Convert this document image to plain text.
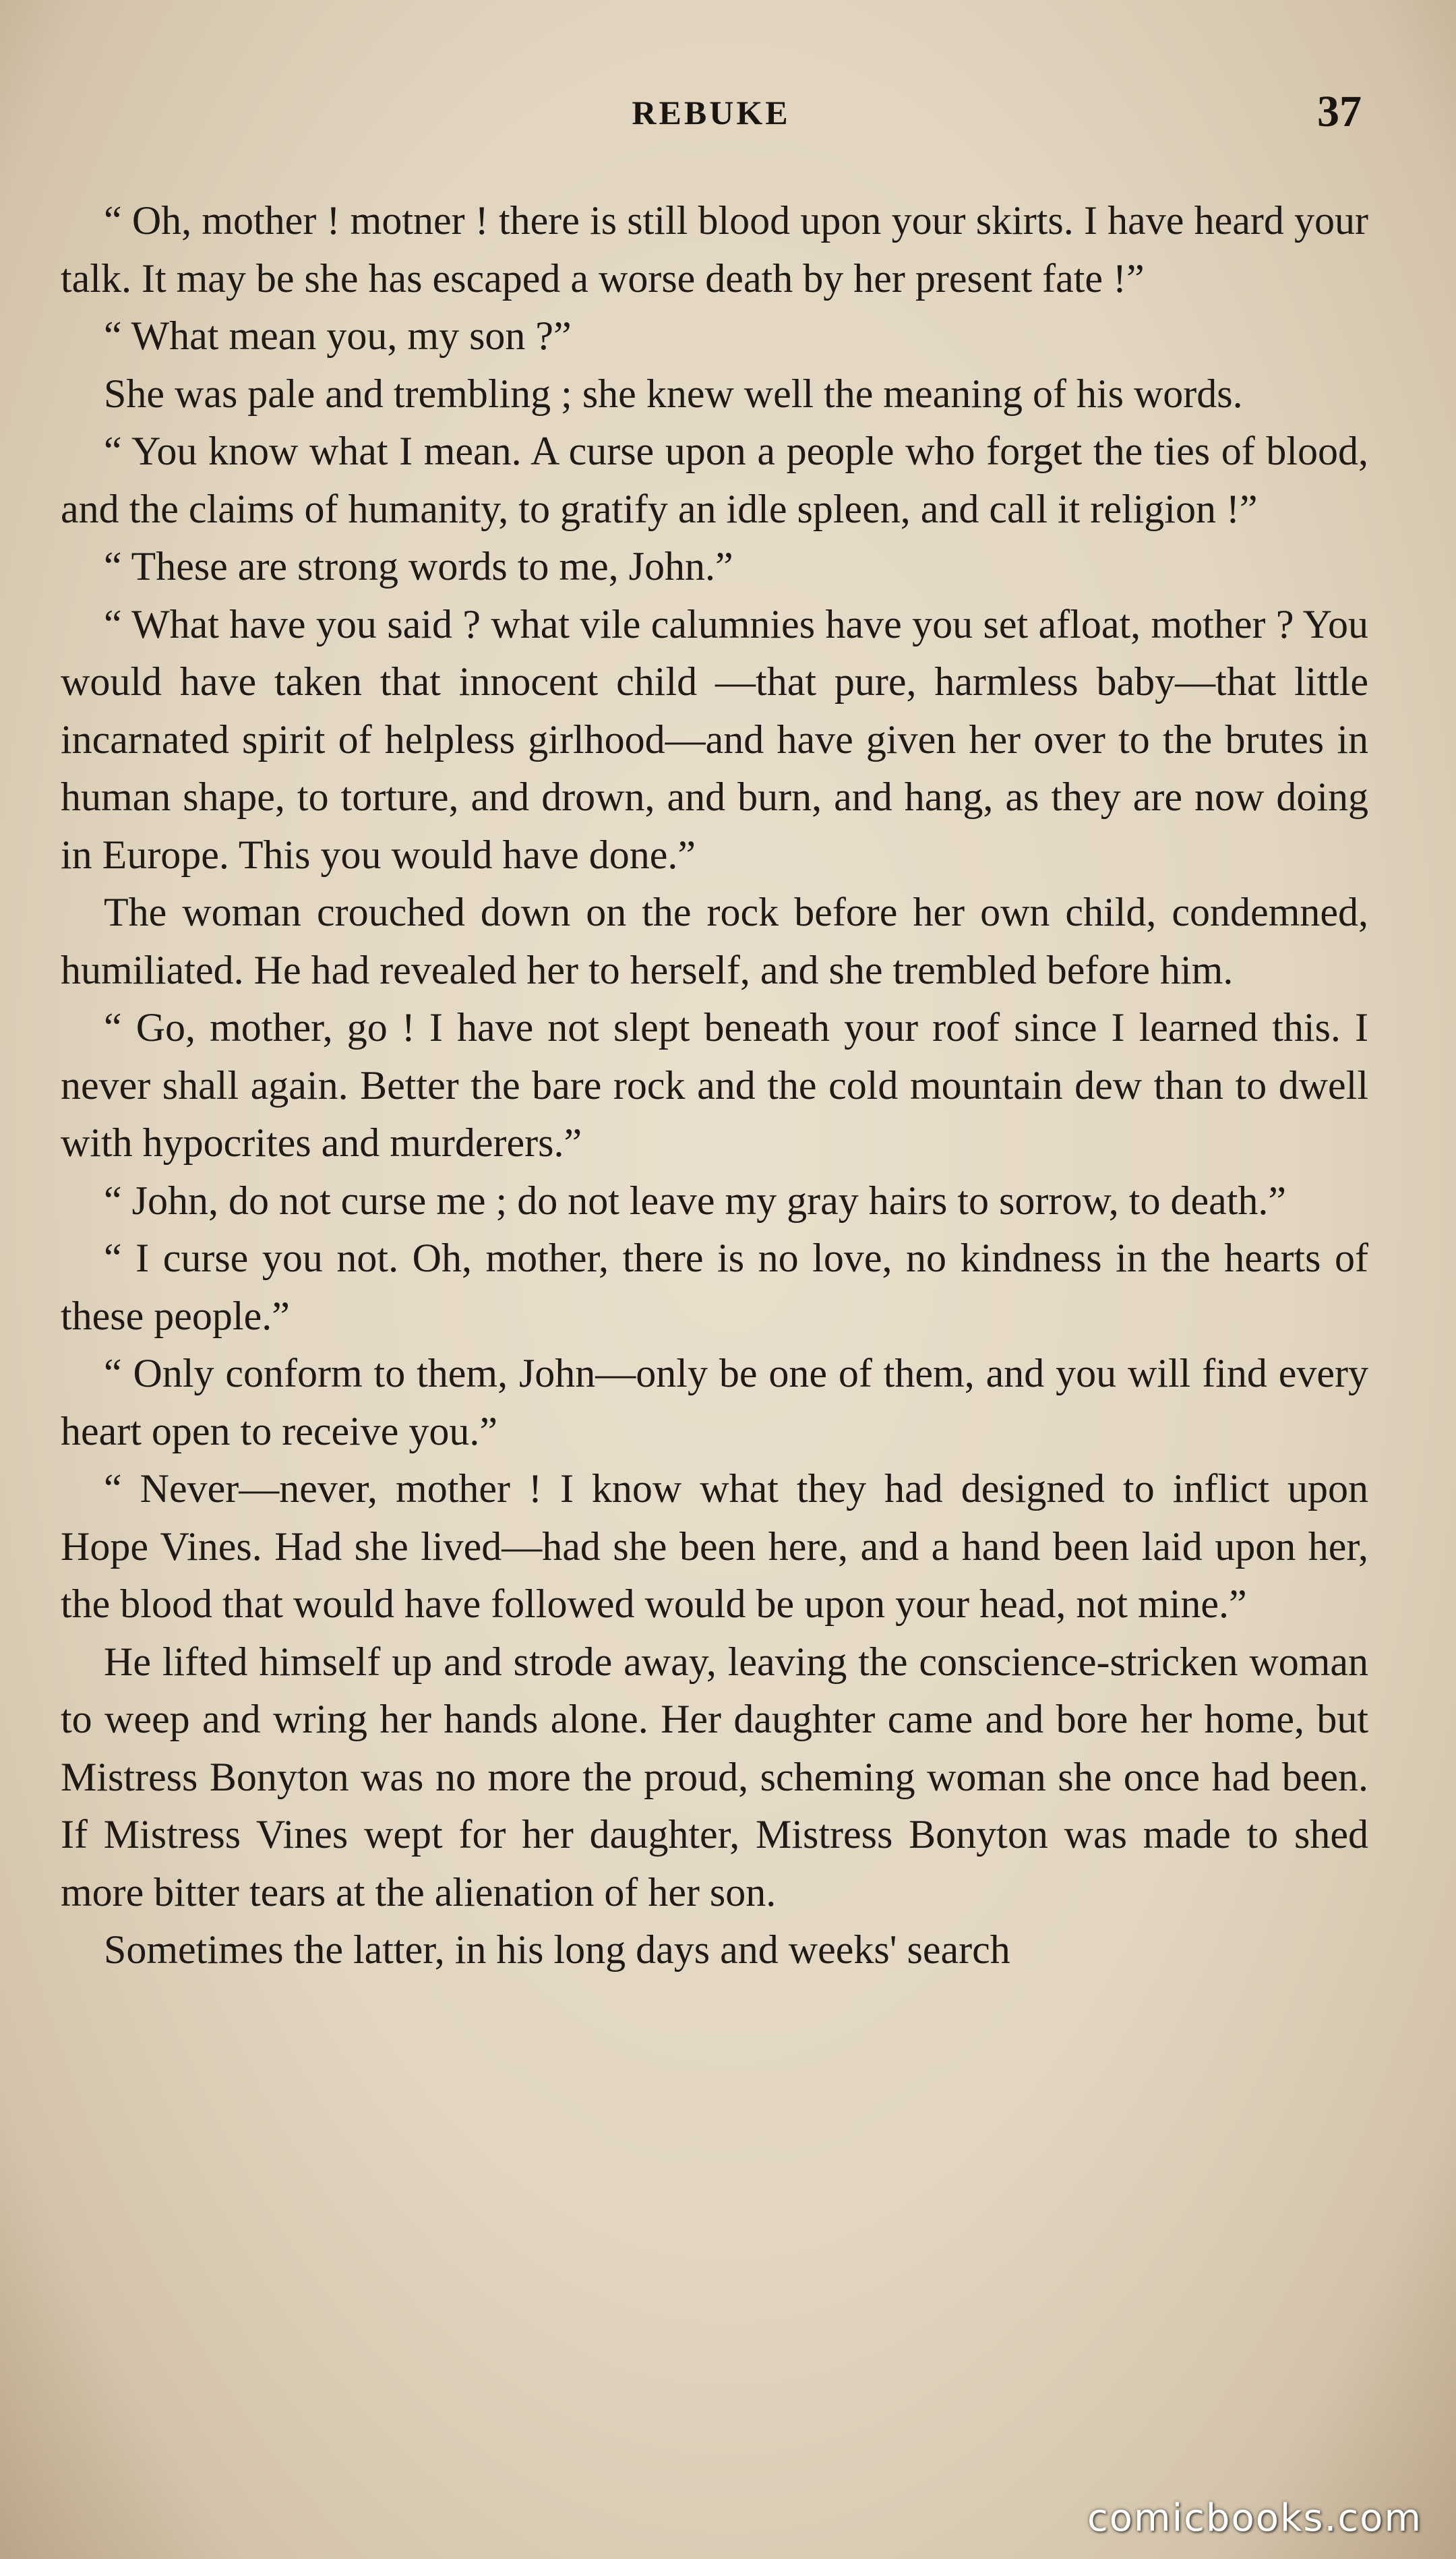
REBUKE	37

“ Oh, mother ! motner ! there is still blood upon your skirts. I have heard your talk. It may be she has escaped a worse death by her present fate !”

“ What mean you, my son ?”

She was pale and trembling ; she knew well the meaning of his words.

“ You know what I mean. A curse upon a people who forget the ties of blood, and the claims of humanity, to gratify an idle spleen, and call it religion !”

“ These are strong words to me, John.”

“ What have you said ? what vile calumnies have you set afloat, mother ? You would have taken that innocent child —that pure, harmless baby—that little incarnated spirit of helpless girlhood—and have given her over to the brutes in human shape, to torture, and drown, and burn, and hang, as they are now doing in Europe. This you would have done.”

The woman crouched down on the rock before her own child, condemned, humiliated. He had revealed her to herself, and she trembled before him.

“ Go, mother, go ! I have not slept beneath your roof since I learned this. I never shall again. Better the bare rock and the cold mountain dew than to dwell with hypocrites and murderers.”

“ John, do not curse me ; do not leave my gray hairs to sorrow, to death.”

“ I curse you not. Oh, mother, there is no love, no kindness in the hearts of these people.”

“ Only conform to them, John—only be one of them, and you will find every heart open to receive you.”

“ Never—never, mother ! I know what they had designed to inflict upon Hope Vines. Had she lived—had she been here, and a hand been laid upon her, the blood that would have followed would be upon your head, not mine.”

He lifted himself up and strode away, leaving the conscience-stricken woman to weep and wring her hands alone. Her daughter came and bore her home, but Mistress Bonyton was no more the proud, scheming woman she once had been. If Mistress Vines wept for her daughter, Mistress Bonyton was made to shed more bitter tears at the alienation of her son.

Sometimes the latter, in his long days and weeks' search

comicbooks.com
